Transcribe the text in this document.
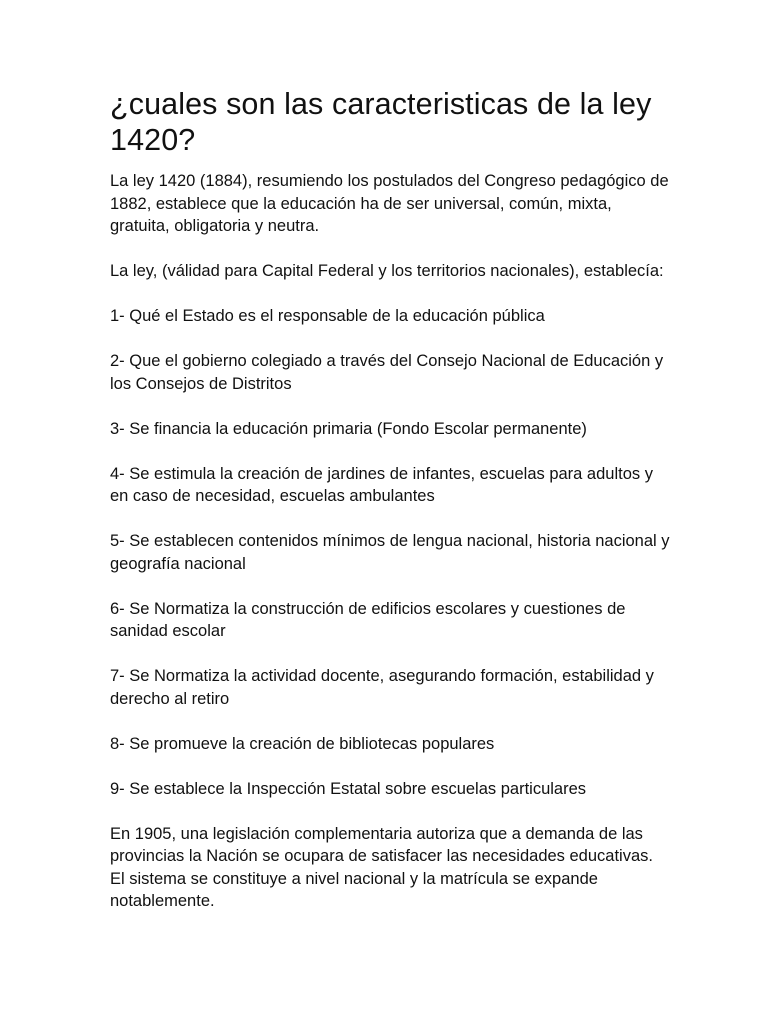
¿cuales son las caracteristicas de la ley 1420?

La ley 1420 (1884), resumiendo los postulados del Congreso pedagógico de 1882, establece que la educación ha de ser universal, común, mixta, gratuita, obligatoria y neutra.

La ley, (válidad para Capital Federal y los territorios nacionales), establecía:

1- Qué el Estado es el responsable de la educación pública

2- Que el gobierno colegiado a través del Consejo Nacional de Educación y los Consejos de Distritos

3- Se financia la educación primaria (Fondo Escolar permanente)

4- Se estimula la creación de jardines de infantes, escuelas para adultos y en caso de necesidad, escuelas ambulantes

5- Se establecen contenidos mínimos de lengua nacional, historia nacional y geografía nacional

6- Se Normatiza la construcción de edificios escolares y cuestiones de sanidad escolar

7- Se Normatiza la actividad docente, asegurando formación, estabilidad y derecho al retiro

8- Se promueve la creación de bibliotecas populares

9- Se establece la Inspección Estatal sobre escuelas particulares

En 1905, una legislación complementaria autoriza que a demanda de las provincias la Nación se ocupara de satisfacer las necesidades educativas. El sistema se constituye a nivel nacional y la matrícula se expande notablemente.
